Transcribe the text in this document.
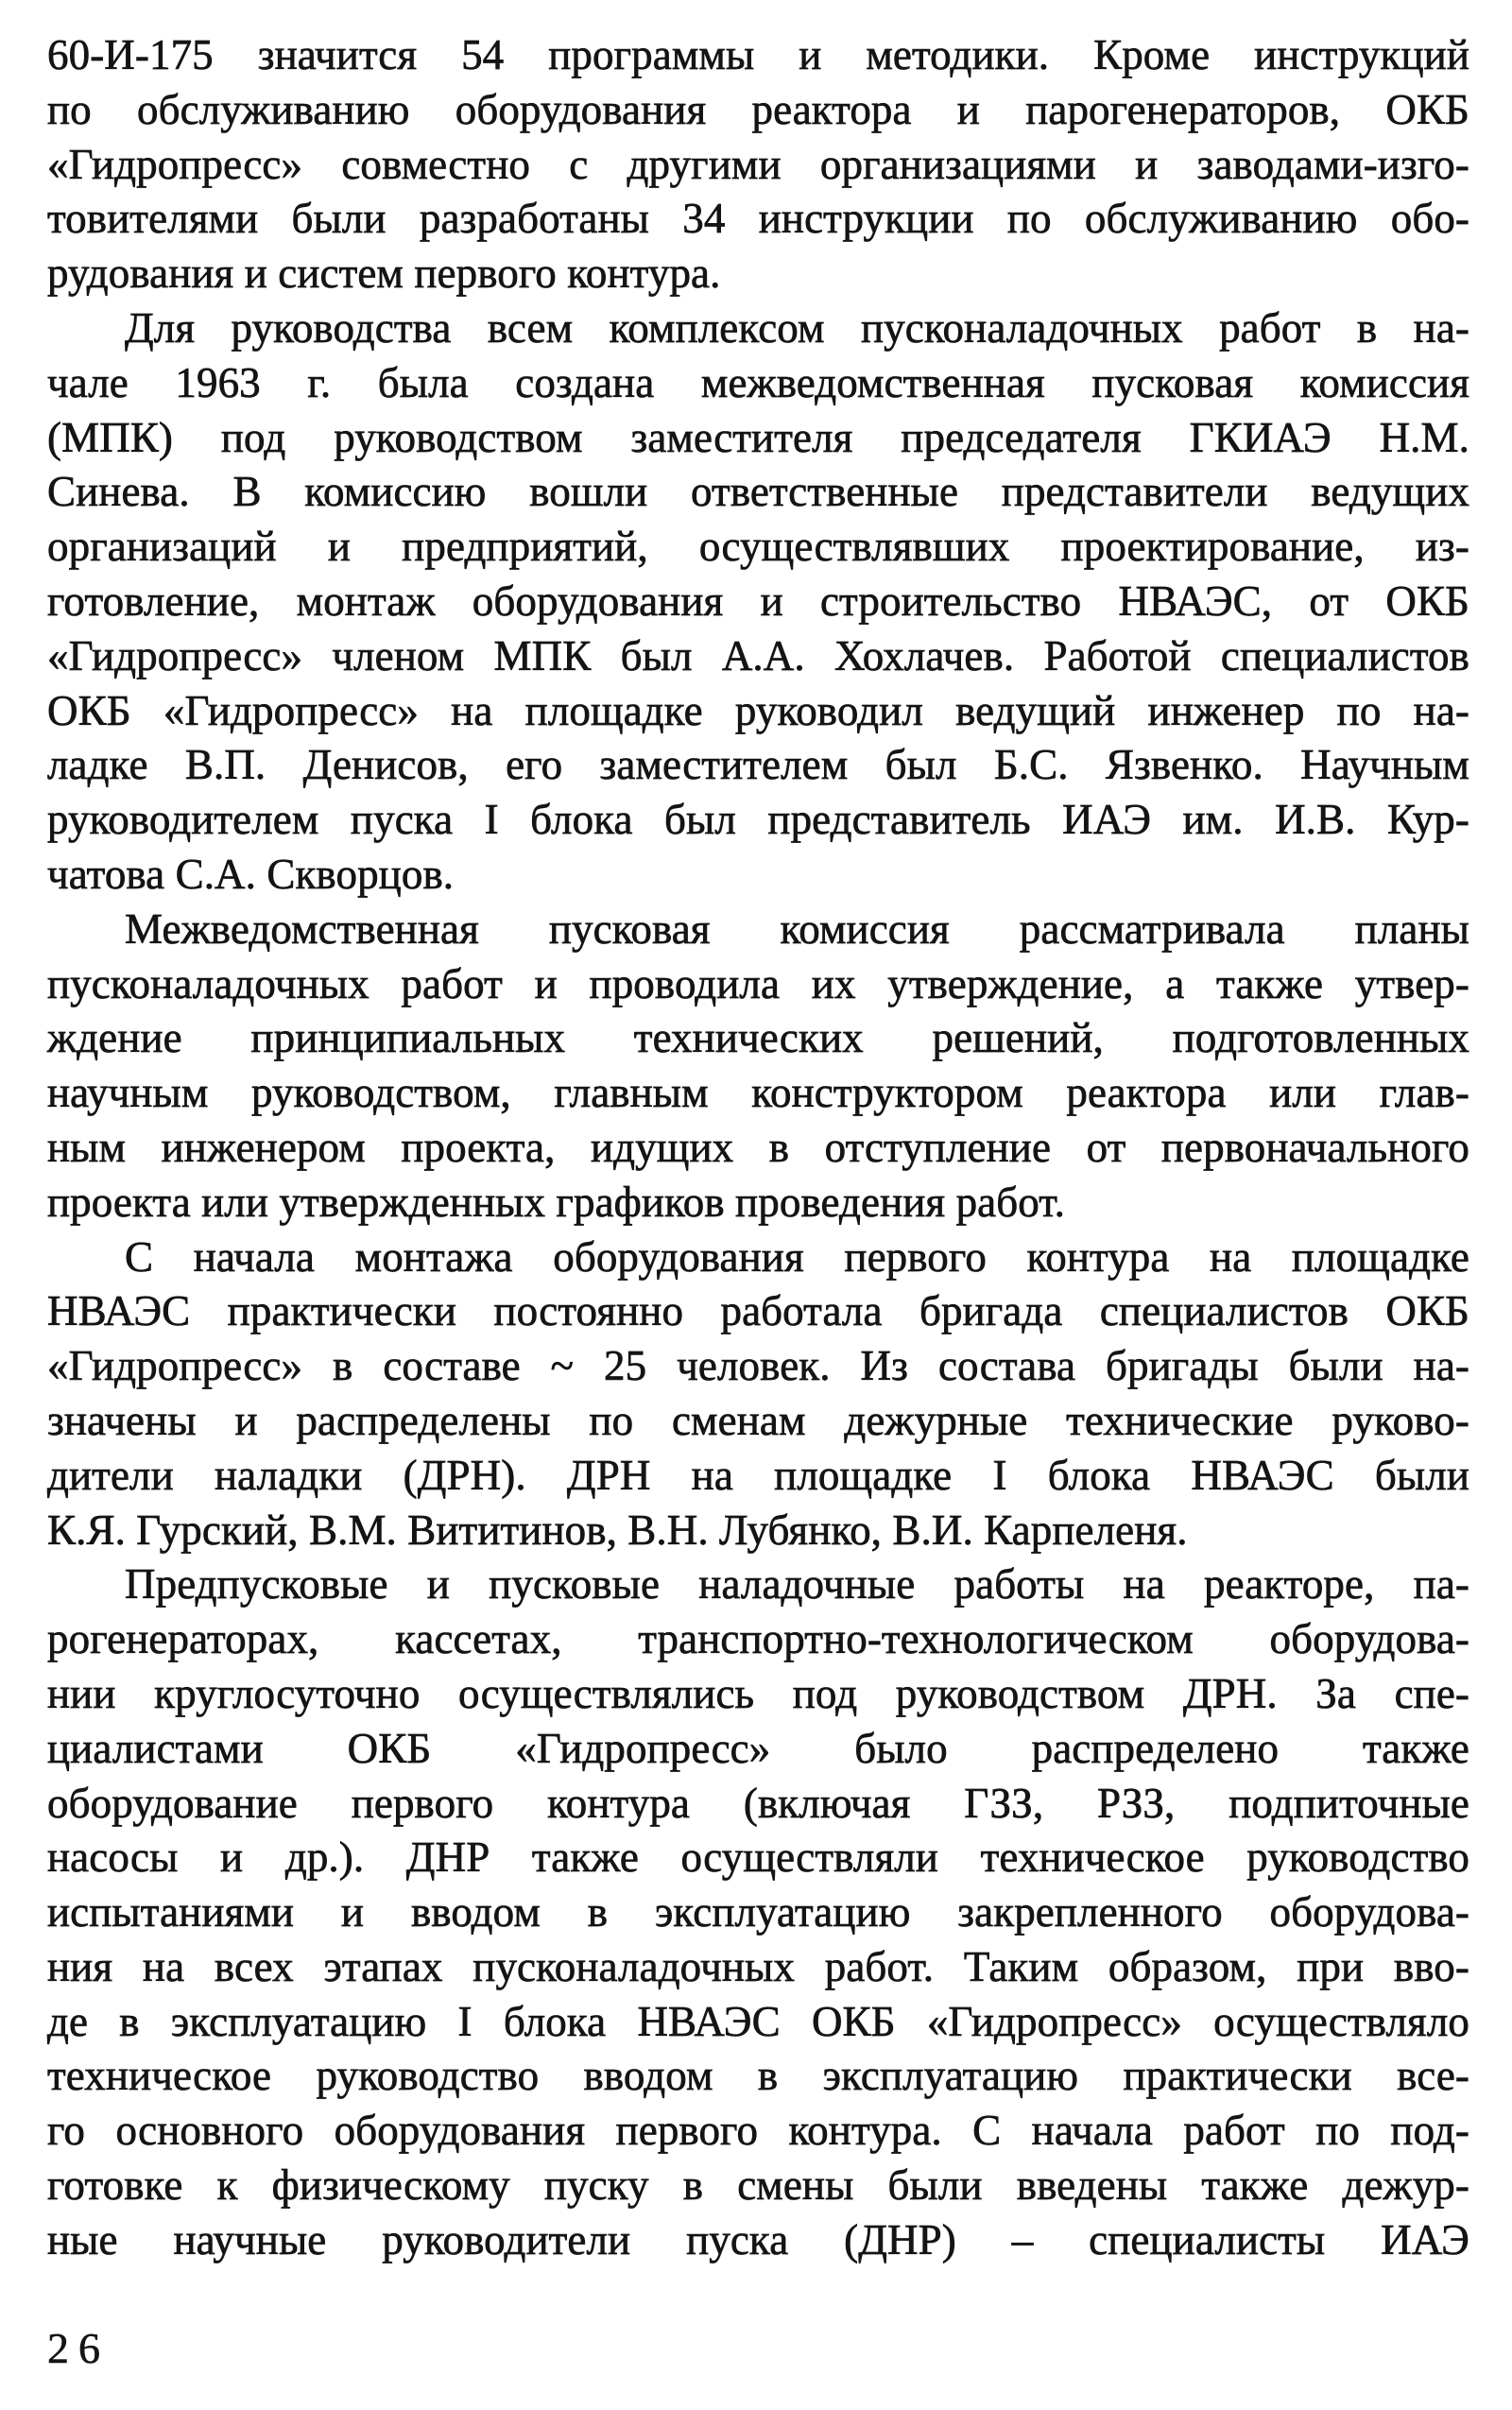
60-И-175 значится 54 программы и методики. Кроме инструкций
по обслуживанию оборудования реактора и парогенераторов, ОКБ
«Гидропресс» совместно с другими организациями и заводами-изго-
товителями были разработаны 34 инструкции по обслуживанию обо-
рудования и систем первого контура.
Для руководства всем комплексом пусконаладочных работ в на-
чале 1963 г. была создана межведомственная пусковая комиссия
(МПК) под руководством заместителя председателя ГКИАЭ Н.М.
Синева. В комиссию вошли ответственные представители ведущих
организаций и предприятий, осуществлявших проектирование, из-
готовление, монтаж оборудования и строительство НВАЭС, от ОКБ
«Гидропресс» членом МПК был А.А. Хохлачев. Работой специалистов
ОКБ «Гидропресс» на площадке руководил ведущий инженер по на-
ладке В.П. Денисов, его заместителем был Б.С. Язвенко. Научным
руководителем пуска I блока был представитель ИАЭ им. И.В. Кур-
чатова С.А. Скворцов.
Межведомственная пусковая комиссия рассматривала планы
пусконаладочных работ и проводила их утверждение, а также утвер-
ждение принципиальных технических решений, подготовленных
научным руководством, главным конструктором реактора или глав-
ным инженером проекта, идущих в отступление от первоначального
проекта или утвержденных графиков проведения работ.
С начала монтажа оборудования первого контура на площадке
НВАЭС практически постоянно работала бригада специалистов ОКБ
«Гидропресс» в составе ~ 25 человек. Из состава бригады были на-
значены и распределены по сменам дежурные технические руково-
дители наладки (ДРН). ДРН на площадке I блока НВАЭС были
К.Я. Гурский, В.М. Вититинов, В.Н. Лубянко, В.И. Карпеленя.
Предпусковые и пусковые наладочные работы на реакторе, па-
рогенераторах, кассетах, транспортно-технологическом оборудова-
нии круглосуточно осуществлялись под руководством ДРН. За спе-
циалистами ОКБ «Гидропресс» было распределено также
оборудование первого контура (включая ГЗЗ, РЗЗ, подпиточные
насосы и др.). ДНР также осуществляли техническое руководство
испытаниями и вводом в эксплуатацию закрепленного оборудова-
ния на всех этапах пусконаладочных работ. Таким образом, при вво-
де в эксплуатацию I блока НВАЭС ОКБ «Гидропресс» осуществляло
техническое руководство вводом в эксплуатацию практически все-
го основного оборудования первого контура. С начала работ по под-
готовке к физическому пуску в смены были введены также дежур-
ные научные руководители пуска (ДНР) – специалисты ИАЭ
26
